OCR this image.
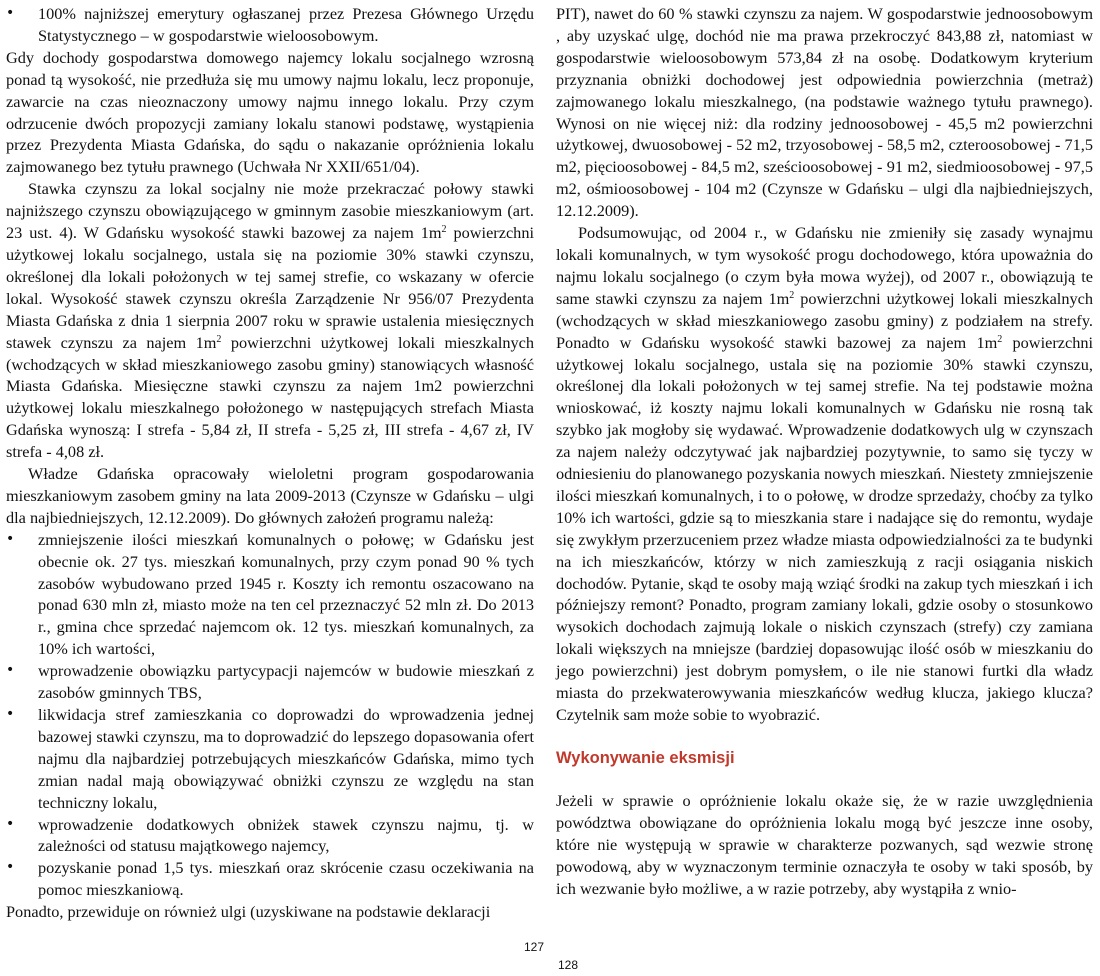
• 100% najniższej emerytury ogłaszanej przez Prezesa Głównego Urzędu Statystycznego – w gospodarstwie wieloosobowym.

Gdy dochody gospodarstwa domowego najemcy lokalu socjalnego wzrosną ponad tą wysokość, nie przedłuża się mu umowy najmu lokalu, lecz proponuje, zawarcie na czas nieoznaczony umowy najmu innego lokalu. Przy czym odrzucenie dwóch propozycji zamiany lokalu stanowi podstawę, wystąpienia przez Prezydenta Miasta Gdańska, do sądu o nakazanie opróżnienia lokalu zajmowanego bez tytułu prawnego (Uchwała Nr XXII/651/04).

Stawka czynszu za lokal socjalny nie może przekraczać połowy stawki najniższego czynszu obowiązującego w gminnym zasobie mieszkaniowym (art. 23 ust. 4). W Gdańsku wysokość stawki bazowej za najem $1m^2$ powierzchni użytkowej lokalu socjalnego, ustala się na poziomie 30% stawki czynszu, określonej dla lokali położonych w tej samej strefie, co wskazany w ofercie lokal. Wysokość stawek czynszu określa Zarządzenie Nr 956/07 Prezydenta Miasta Gdańska z dnia 1 sierpnia 2007 roku w sprawie ustalenia miesięcznych stawek czynszu za najem $1m^2$ powierzchni użytkowej lokali mieszkalnych (wchodzących w skład mieszkaniowego zasobu gminy) stanowiących własność Miasta Gdańska. Miesięczne stawki czynszu za najem 1m2 powierzchni użytkowej lokalu mieszkalnego położonego w następujących strefach Miasta Gdańska wynoszą: I strefa - 5,84 zł, II strefa - 5,25 zł, III strefa - 4,67 zł, IV strefa - 4,08 zł.

Władze Gdańska opracowały wieloletni program gospodarowania mieszkaniowym zasobem gminy na lata 2009-2013 (Czynsze w Gdańsku – ulgi dla najbiedniejszych, 12.12.2009). Do głównych założeń programu należą:

• zmniejszenie ilości mieszkań komunalnych o połowę; w Gdańsku jest obecnie ok. 27 tys. mieszkań komunalnych, przy czym ponad 90 % tych zasobów wybudowano przed 1945 r. Koszty ich remontu oszacowano na ponad 630 mln zł, miasto może na ten cel przeznaczyć 52 mln zł. Do 2013 r., gmina chce sprzedać najemcom ok. 12 tys. mieszkań komunalnych, za 10% ich wartości,
• wprowadzenie obowiązku partycypacji najemców w budowie mieszkań z zasobów gminnych TBS,
• likwidacja stref zamieszkania co doprowadzi do wprowadzenia jednej bazowej stawki czynszu, ma to doprowadzić do lepszego dopasowania ofert najmu dla najbardziej potrzebujących mieszkańców Gdańska, mimo tych zmian nadal mają obowiązywać obniżki czynszu ze względu na stan techniczny lokalu,
• wprowadzenie dodatkowych obniżek stawek czynszu najmu, tj. w zależności od statusu majątkowego najemcy,
• pozyskanie ponad 1,5 tys. mieszkań oraz skrócenie czasu oczekiwania na pomoc mieszkaniową.

Ponadto, przewiduje on również ulgi (uzyskiwane na podstawie deklaracji

PIT), nawet do 60 % stawki czynszu za najem. W gospodarstwie jednoosobowym , aby uzyskać ulgę, dochód nie ma prawa przekroczyć 843,88 zł, natomiast w gospodarstwie wieloosobowym 573,84 zł na osobę. Dodatkowym kryterium przyznania obniżki dochodowej jest odpowiednia powierzchnia (metraż) zajmowanego lokalu mieszkalnego, (na podstawie ważnego tytułu prawnego). Wynosi on nie więcej niż: dla rodziny jednoosobowej - 45,5 m2 powierzchni użytkowej, dwuosobowej - 52 m2, trzyosobowej - 58,5 m2, czteroosobowej - 71,5 m2, pięcioosobowej - 84,5 m2, sześcioosobowej - 91 m2, siedmioosobowej - 97,5 m2, ośmioosobowej - 104 m2 (Czynsze w Gdańsku – ulgi dla najbiedniejszych, 12.12.2009).

Podsumowując, od 2004 r., w Gdańsku nie zmieniły się zasady wynajmu lokali komunalnych, w tym wysokość progu dochodowego, która upoważnia do najmu lokalu socjalnego (o czym była mowa wyżej), od 2007 r., obowiązują te same stawki czynszu za najem $1m^2$ powierzchni użytkowej lokali mieszkalnych (wchodzących w skład mieszkaniowego zasobu gminy) z podziałem na strefy. Ponadto w Gdańsku wysokość stawki bazowej za najem $1m^2$ powierzchni użytkowej lokalu socjalnego, ustala się na poziomie 30% stawki czynszu, określonej dla lokali położonych w tej samej strefie. Na tej podstawie można wnioskować, iż koszty najmu lokali komunalnych w Gdańsku nie rosną tak szybko jak mogłoby się wydawać. Wprowadzenie dodatkowych ulg w czynszach za najem należy odczytywać jak najbardziej pozytywnie, to samo się tyczy w odniesieniu do planowanego pozyskania nowych mieszkań. Niestety zmniejszenie ilości mieszkań komunalnych, i to o połowę, w drodze sprzedaży, choćby za tylko 10% ich wartości, gdzie są to mieszkania stare i nadające się do remontu, wydaje się zwykłym przerzuceniem przez władze miasta odpowiedzialności za te budynki na ich mieszkańców, którzy w nich zamieszkują z racji osiągania niskich dochodów. Pytanie, skąd te osoby mają wziąć środki na zakup tych mieszkań i ich późniejszy remont? Ponadto, program zamiany lokali, gdzie osoby o stosunkowo wysokich dochodach zajmują lokale o niskich czynszach (strefy) czy zamiana lokali większych na mniejsze (bardziej dopasowując ilość osób w mieszkaniu do jego powierzchni) jest dobrym pomysłem, o ile nie stanowi furtki dla władz miasta do przekwaterowywania mieszkańców według klucza, jakiego klucza? Czytelnik sam może sobie to wyobrazić.

Wykonywanie eksmisji

Jeżeli w sprawie o opróżnienie lokalu okaże się, że w razie uwzględnienia powództwa obowiązane do opróżnienia lokalu mogą być jeszcze inne osoby, które nie występują w sprawie w charakterze pozwanych, sąd wezwie stronę powodową, aby w wyznaczonym terminie oznaczyła te osoby w taki sposób, by ich wezwanie było możliwe, a w razie potrzeby, aby wystąpiła z wnio-

127
128
